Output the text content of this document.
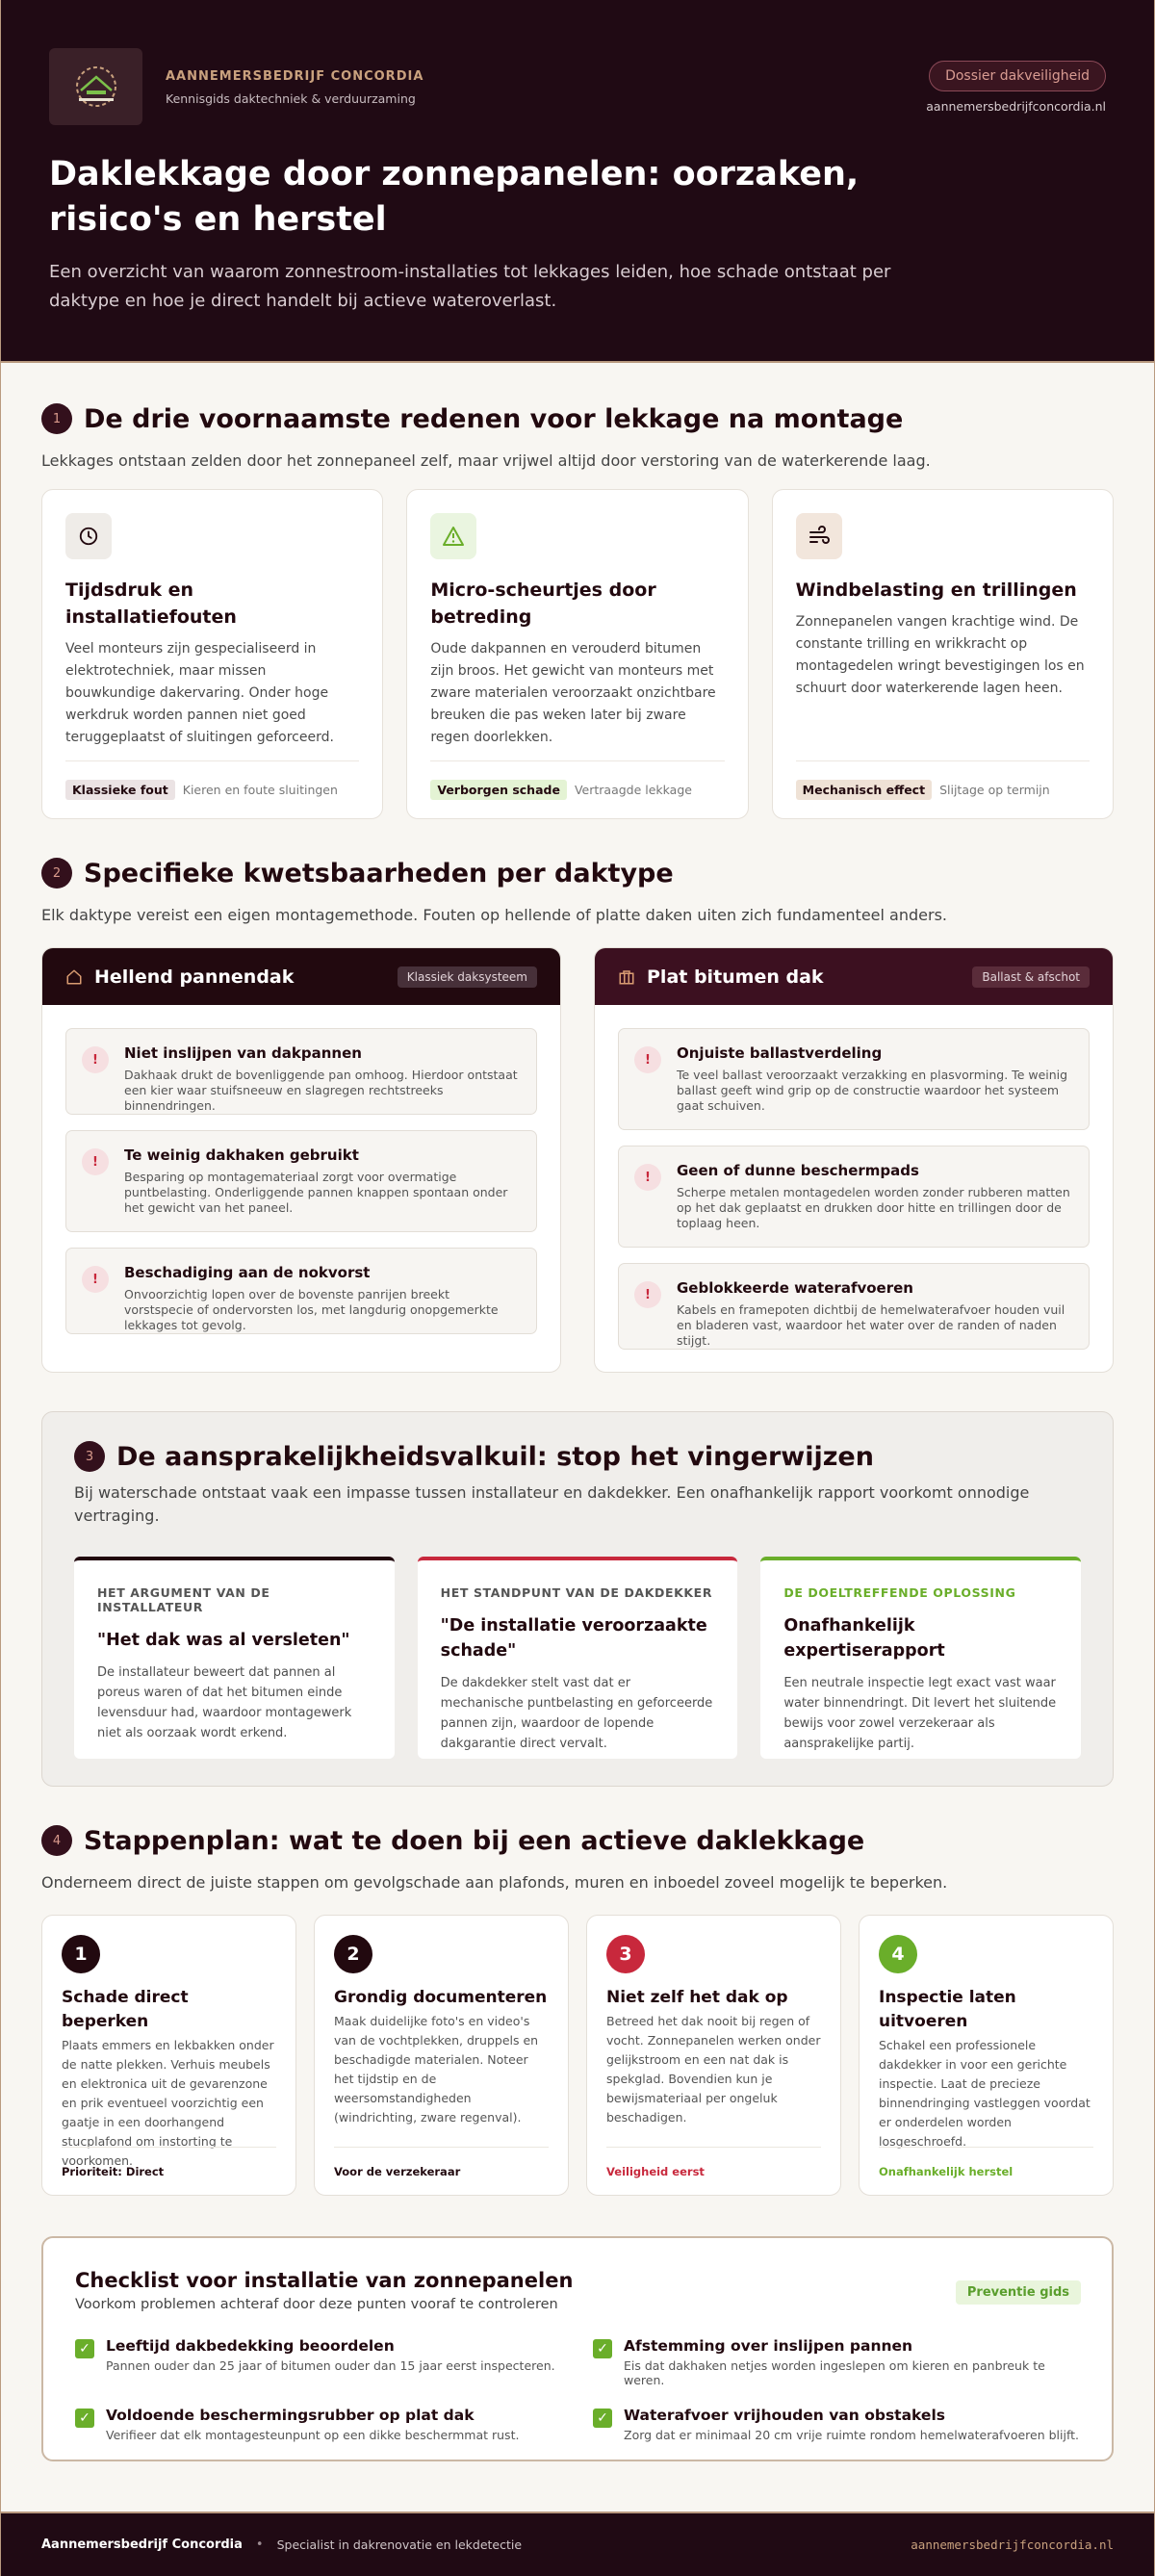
AANNEMERSBEDRIJF CONCORDIA
Kennisgids daktechniek & verduurzaming
Dossier dakveiligheid
aannemersbedrijfconcordia.nl
Daklekkage door zonnepanelen: oorzaken, risico's en herstel

Een overzicht van waarom zonnestroom-installaties tot lekkages leiden, hoe schade ontstaat per daktype en hoe je direct handelt bij actieve wateroverlast.

1 De drie voornaamste redenen voor lekkage na montage
Lekkages ontstaan zelden door het zonnepaneel zelf, maar vrijwel altijd door verstoring van de waterkerende laag.
Tijdsdruk en installatiefouten

Veel monteurs zijn gespecialiseerd in elektrotechniek, maar missen bouwkundige dakervaring. Onder hoge werkdruk worden pannen niet goed teruggeplaatst of sluitingen geforceerd.

Klassieke fout	Kieren en foute sluitingen
Micro-scheurtjes door betreding

Oude dakpannen en verouderd bitumen zijn broos. Het gewicht van monteurs met zware materialen veroorzaakt onzichtbare breuken die pas weken later bij zware regen doorlekken.

Verborgen schade	Vertraagde lekkage
Windbelasting en trillingen

Zonnepanelen vangen krachtige wind. De constante trilling en wrikkracht op montagedelen wringt bevestigingen los en schuurt door waterkerende lagen heen.

Mechanisch effect	Slijtage op termijn
2 Specifieke kwetsbaarheden per daktype
Elk daktype vereist een eigen montagemethode. Fouten op hellende of platte daken uiten zich fundamenteel anders.
Hellend pannendak	Klassiek daksysteem
!	Niet inslijpen van dakpannen

Dakhaak drukt de bovenliggende pan omhoog. Hierdoor ontstaat een kier waar stuifsneeuw en slagregen rechtstreeks binnendringen.

!	Te weinig dakhaken gebruikt

Besparing op montagemateriaal zorgt voor overmatige puntbelasting. Onderliggende pannen knappen spontaan onder het gewicht van het paneel.

!	Beschadiging aan de nokvorst

Onvoorzichtig lopen over de bovenste panrijen breekt vorstspecie of ondervorsten los, met langdurig onopgemerkte lekkages tot gevolg.

Plat bitumen dak	Ballast & afschot
!	Onjuiste ballastverdeling

Te veel ballast veroorzaakt verzakking en plasvorming. Te weinig ballast geeft wind grip op de constructie waardoor het systeem gaat schuiven.

!	Geen of dunne beschermpads

Scherpe metalen montagedelen worden zonder rubberen matten op het dak geplaatst en drukken door hitte en trillingen door de toplaag heen.

!	Geblokkeerde waterafvoeren

Kabels en framepoten dichtbij de hemelwaterafvoer houden vuil en bladeren vast, waardoor het water over de randen of naden stijgt.

3 De aansprakelijkheidsvalkuil: stop het vingerwijzen
Bij waterschade ontstaat vaak een impasse tussen installateur en dakdekker. Een onafhankelijk rapport voorkomt onnodige vertraging.
HET ARGUMENT VAN DE INSTALLATEUR
"Het dak was al versleten"

De installateur beweert dat pannen al poreus waren of dat het bitumen einde levensduur had, waardoor montagewerk niet als oorzaak wordt erkend.

HET STANDPUNT VAN DE DAKDEKKER
"De installatie veroorzaakte schade"

De dakdekker stelt vast dat er mechanische puntbelasting en geforceerde pannen zijn, waardoor de lopende dakgarantie direct vervalt.

DE DOELTREFFENDE OPLOSSING
Onafhankelijk expertiserapport

Een neutrale inspectie legt exact vast waar water binnendringt. Dit levert het sluitende bewijs voor zowel verzekeraar als aansprakelijke partij.

4 Stappenplan: wat te doen bij een actieve daklekkage
Onderneem direct de juiste stappen om gevolgschade aan plafonds, muren en inboedel zoveel mogelijk te beperken.
1
Schade direct beperken

Plaats emmers en lekbakken onder de natte plekken. Verhuis meubels en elektronica uit de gevarenzone en prik eventueel voorzichtig een gaatje in een doorhangend stucplafond om instorting te voorkomen.

Prioriteit: Direct
2
Grondig documenteren

Maak duidelijke foto's en video's van de vochtplekken, druppels en beschadigde materialen. Noteer het tijdstip en de weersomstandigheden (windrichting, zware regenval).

Voor de verzekeraar
3
Niet zelf het dak op

Betreed het dak nooit bij regen of vocht. Zonnepanelen werken onder gelijkstroom en een nat dak is spekglad. Bovendien kun je bewijsmateriaal per ongeluk beschadigen.

Veiligheid eerst
4
Inspectie laten uitvoeren

Schakel een professionele dakdekker in voor een gerichte inspectie. Laat de precieze binnendringing vastleggen voordat er onderdelen worden losgeschroefd.

Onafhankelijk herstel
Checklist voor installatie van zonnepanelen
Voorkom problemen achteraf door deze punten vooraf te controleren
Preventie gids
✓ Leeftijd dakbedekking beoordelen

Pannen ouder dan 25 jaar of bitumen ouder dan 15 jaar eerst inspecteren.

✓ Afstemming over inslijpen pannen

Eis dat dakhaken netjes worden ingeslepen om kieren en panbreuk te weren.

✓ Voldoende beschermingsrubber op plat dak

Verifieer dat elk montagesteunpunt op een dikke beschermmat rust.

✓ Waterafvoer vrijhouden van obstakels

Zorg dat er minimaal 20 cm vrije ruimte rondom hemelwaterafvoeren blijft.

Aannemersbedrijf Concordia • Specialist in dakrenovatie en lekdetectie	aannemersbedrijfconcordia.nl
